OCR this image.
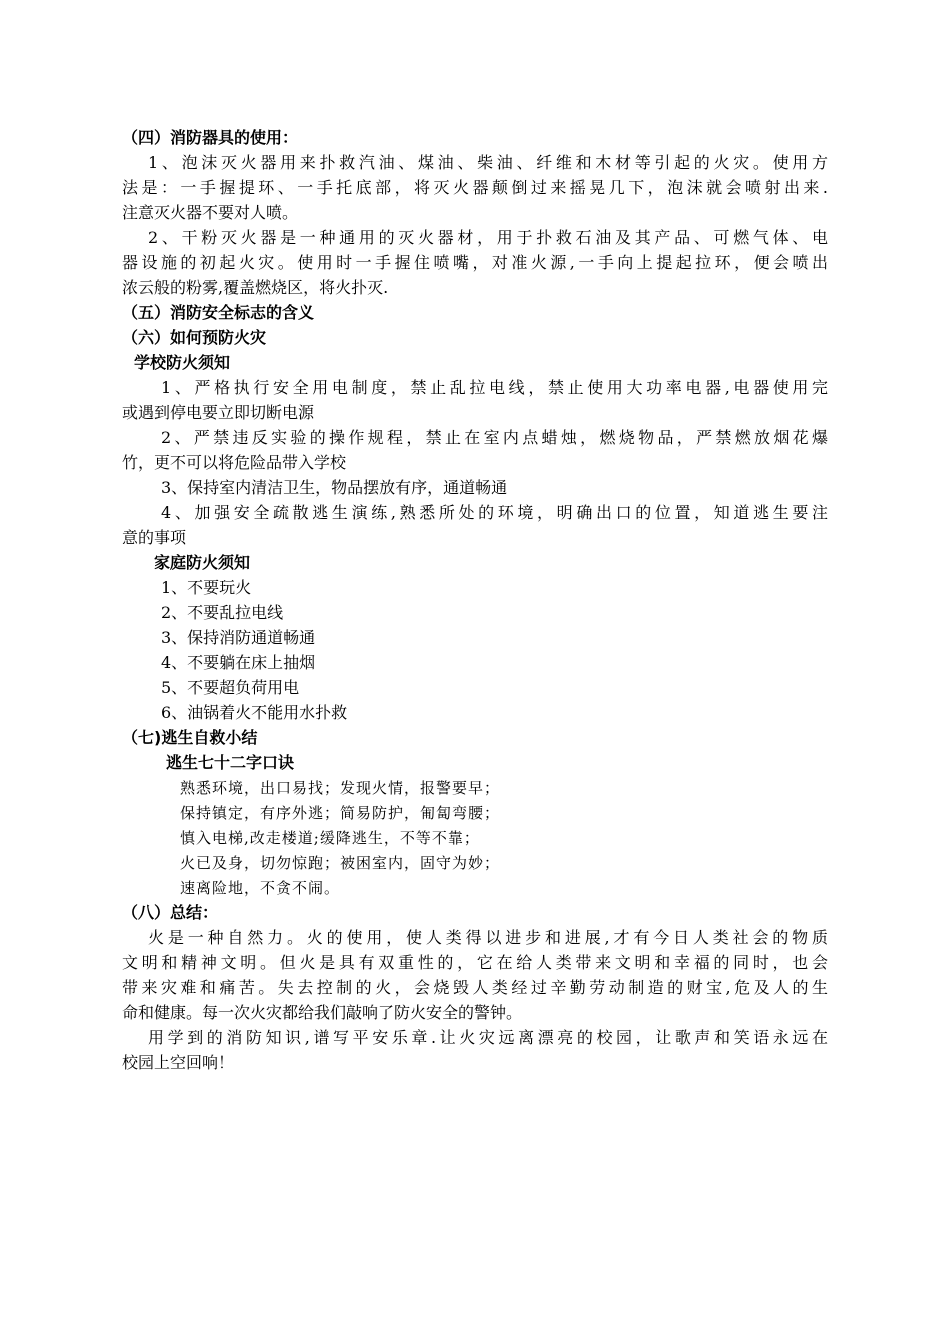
（四）消防器具的使用：
1、泡沫灭火器用来扑救汽油、煤油、柴油、纤维和木材等引起的火灾。使用方
法是：一手握提环、一手托底部，将灭火器颠倒过来摇晃几下，泡沫就会喷射出来.
注意灭火器不要对人喷。
2、干粉灭火器是一种通用的灭火器材，用于扑救石油及其产品、可燃气体、电
器设施的初起火灾。使用时一手握住喷嘴，对准火源,一手向上提起拉环，便会喷出
浓云般的粉雾,覆盖燃烧区，将火扑灭.
（五）消防安全标志的含义
（六）如何预防火灾
学校防火须知
1、严格执行安全用电制度，禁止乱拉电线，禁止使用大功率电器,电器使用完
或遇到停电要立即切断电源
2、严禁违反实验的操作规程，禁止在室内点蜡烛，燃烧物品，严禁燃放烟花爆
竹，更不可以将危险品带入学校
3、保持室内清洁卫生，物品摆放有序，通道畅通
4、加强安全疏散逃生演练,熟悉所处的环境，明确出口的位置，知道逃生要注
意的事项
家庭防火须知
1、不要玩火
2、不要乱拉电线
3、保持消防通道畅通
4、不要躺在床上抽烟
5、不要超负荷用电
6、油锅着火不能用水扑救
（七)逃生自救小结
逃生七十二字口诀
熟悉环境，出口易找；发现火情，报警要早；
保持镇定，有序外逃；简易防护，匍匐弯腰；
慎入电梯,改走楼道;缓降逃生，不等不靠；
火已及身，切勿惊跑；被困室内，固守为妙；
速离险地，不贪不闹。
（八）总结：
火是一种自然力。火的使用，使人类得以进步和进展,才有今日人类社会的物质
文明和精神文明。但火是具有双重性的，它在给人类带来文明和幸福的同时，也会
带来灾难和痛苦。失去控制的火，会烧毁人类经过辛勤劳动制造的财宝,危及人的生
命和健康。每一次火灾都给我们敲响了防火安全的警钟。
用学到的消防知识,谱写平安乐章.让火灾远离漂亮的校园，让歌声和笑语永远在
校园上空回响！
